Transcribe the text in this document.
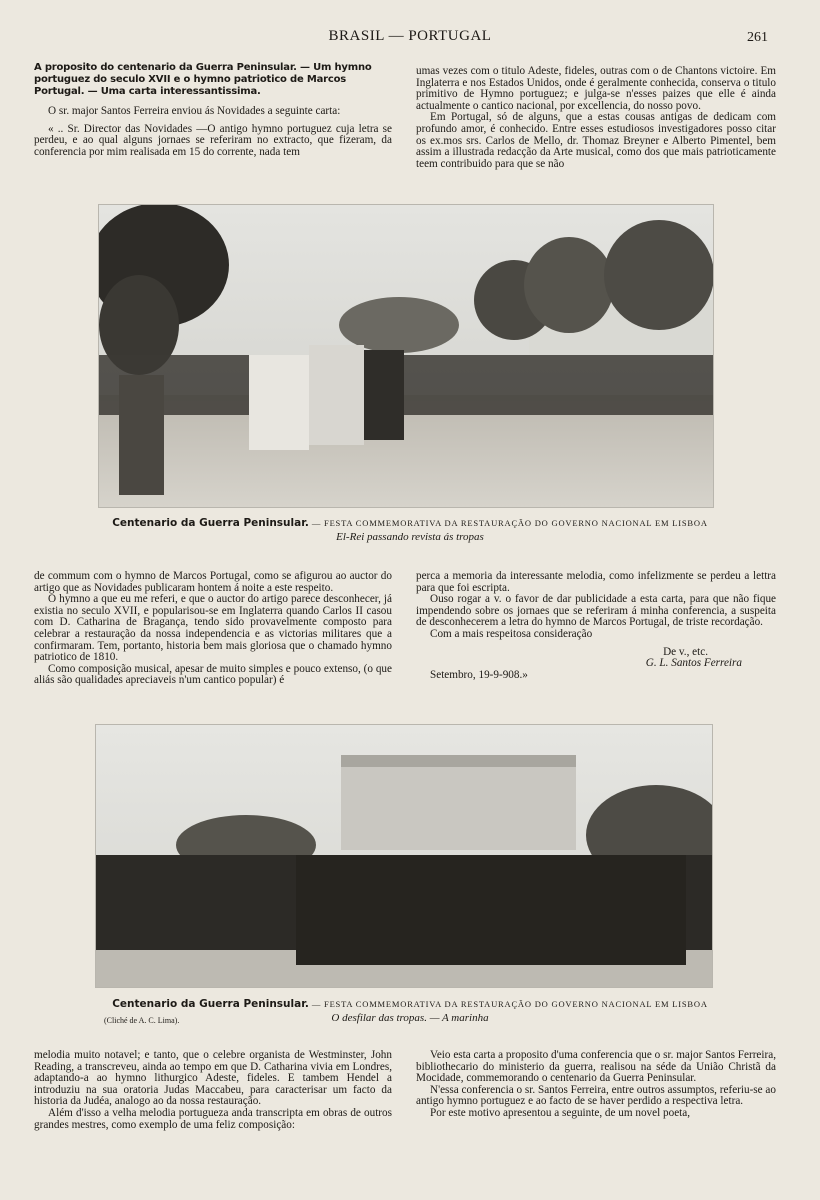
BRASIL — PORTUGAL	261
A proposito do centenario da Guerra Peninsular. — Um hymno portuguez do seculo XVII e o hymno patriotico de Marcos Portugal. — Uma carta interessantissima.

O sr. major Santos Ferreira enviou ás Novidades a seguinte carta:

« .. Sr. Director das Novidades —O antigo hymno portuguez cuja letra se perdeu, e ao qual alguns jornaes se referiram no extracto, que fizeram, da conferencia por mim realisada em 15 do corrente, nada tem

umas vezes com o titulo Adeste, fideles, outras com o de Chantons victoire. Em Inglaterra e nos Estados Unidos, onde é geralmente conhecida, conserva o titulo primitivo de Hymno portuguez; e julga-se n'esses paizes que elle é ainda actualmente o cantico nacional, por excellencia, do nosso povo.

Em Portugal, só de alguns, que a estas cousas antigas de dedicam com profundo amor, é conhecido. Entre esses estudiosos investigadores posso citar os ex.mos srs. Carlos de Mello, dr. Thomaz Breyner e Alberto Pimentel, bem assim a illustrada redacção da Arte musical, como dos que mais patrioticamente teem contribuido para que se não

Centenario da Guerra Peninsular. — FESTA COMMEMORATIVA DA RESTAURAÇÃO DO GOVERNO NACIONAL EM LISBOA
El-Rei passando revista ás tropas

de commum com o hymno de Marcos Portugal, como se afigurou ao auctor do artigo que as Novidades publicaram hontem á noite a este respeito.

O hymno a que eu me referi, e que o auctor do artigo parece desconhecer, já existia no seculo XVII, e popularisou-se em Inglaterra quando Carlos II casou com D. Catharina de Bragança, tendo sido provavelmente composto para celebrar a restauração da nossa independencia e as victorias militares que a confirmaram. Tem, portanto, historia bem mais gloriosa que o chamado hymno patriotico de 1810.

Como composição musical, apesar de muito simples e pouco extenso, (o que aliás são qualidades apreciaveis n'um cantico popular) é

perca a memoria da interessante melodia, como infelizmente se perdeu a lettra para que foi escripta.

Ouso rogar a v. o favor de dar publicidade a esta carta, para que não fique impendendo sobre os jornaes que se referiram á minha conferencia, a suspeita de desconhecerem a letra do hymno de Marcos Portugal, de triste recordação.

Com a mais respeitosa consideração

De v., etc.

G. L. Santos Ferreira

Setembro, 19-9-908.»

Centenario da Guerra Peninsular. — FESTA COMMEMORATIVA DA RESTAURAÇÃO DO GOVERNO NACIONAL EM LISBOA
(Cliché de A. C. Lima).	O desfilar das tropas. — A marinha

melodia muito notavel; e tanto, que o celebre organista de Westminster, John Reading, a transcreveu, ainda ao tempo em que D. Catharina vivia em Londres, adaptando-a ao hymno lithurgico Adeste, fideles. E tambem Hendel a introduziu na sua oratoria Judas Maccabeu, para caracterisar um facto da historia da Judéa, analogo ao da nossa restauração.

Além d'isso a velha melodia portugueza anda transcripta em obras de outros grandes mestres, como exemplo de uma feliz composição:

Veio esta carta a proposito d'uma conferencia que o sr. major Santos Ferreira, bibliothecario do ministerio da guerra, realisou na séde da União Christã da Mocidade, commemorando o centenario da Guerra Peninsular.

N'essa conferencia o sr. Santos Ferreira, entre outros assumptos, referiu-se ao antigo hymno portuguez e ao facto de se haver perdido a respectiva letra.

Por este motivo apresentou a seguinte, de um novel poeta,
